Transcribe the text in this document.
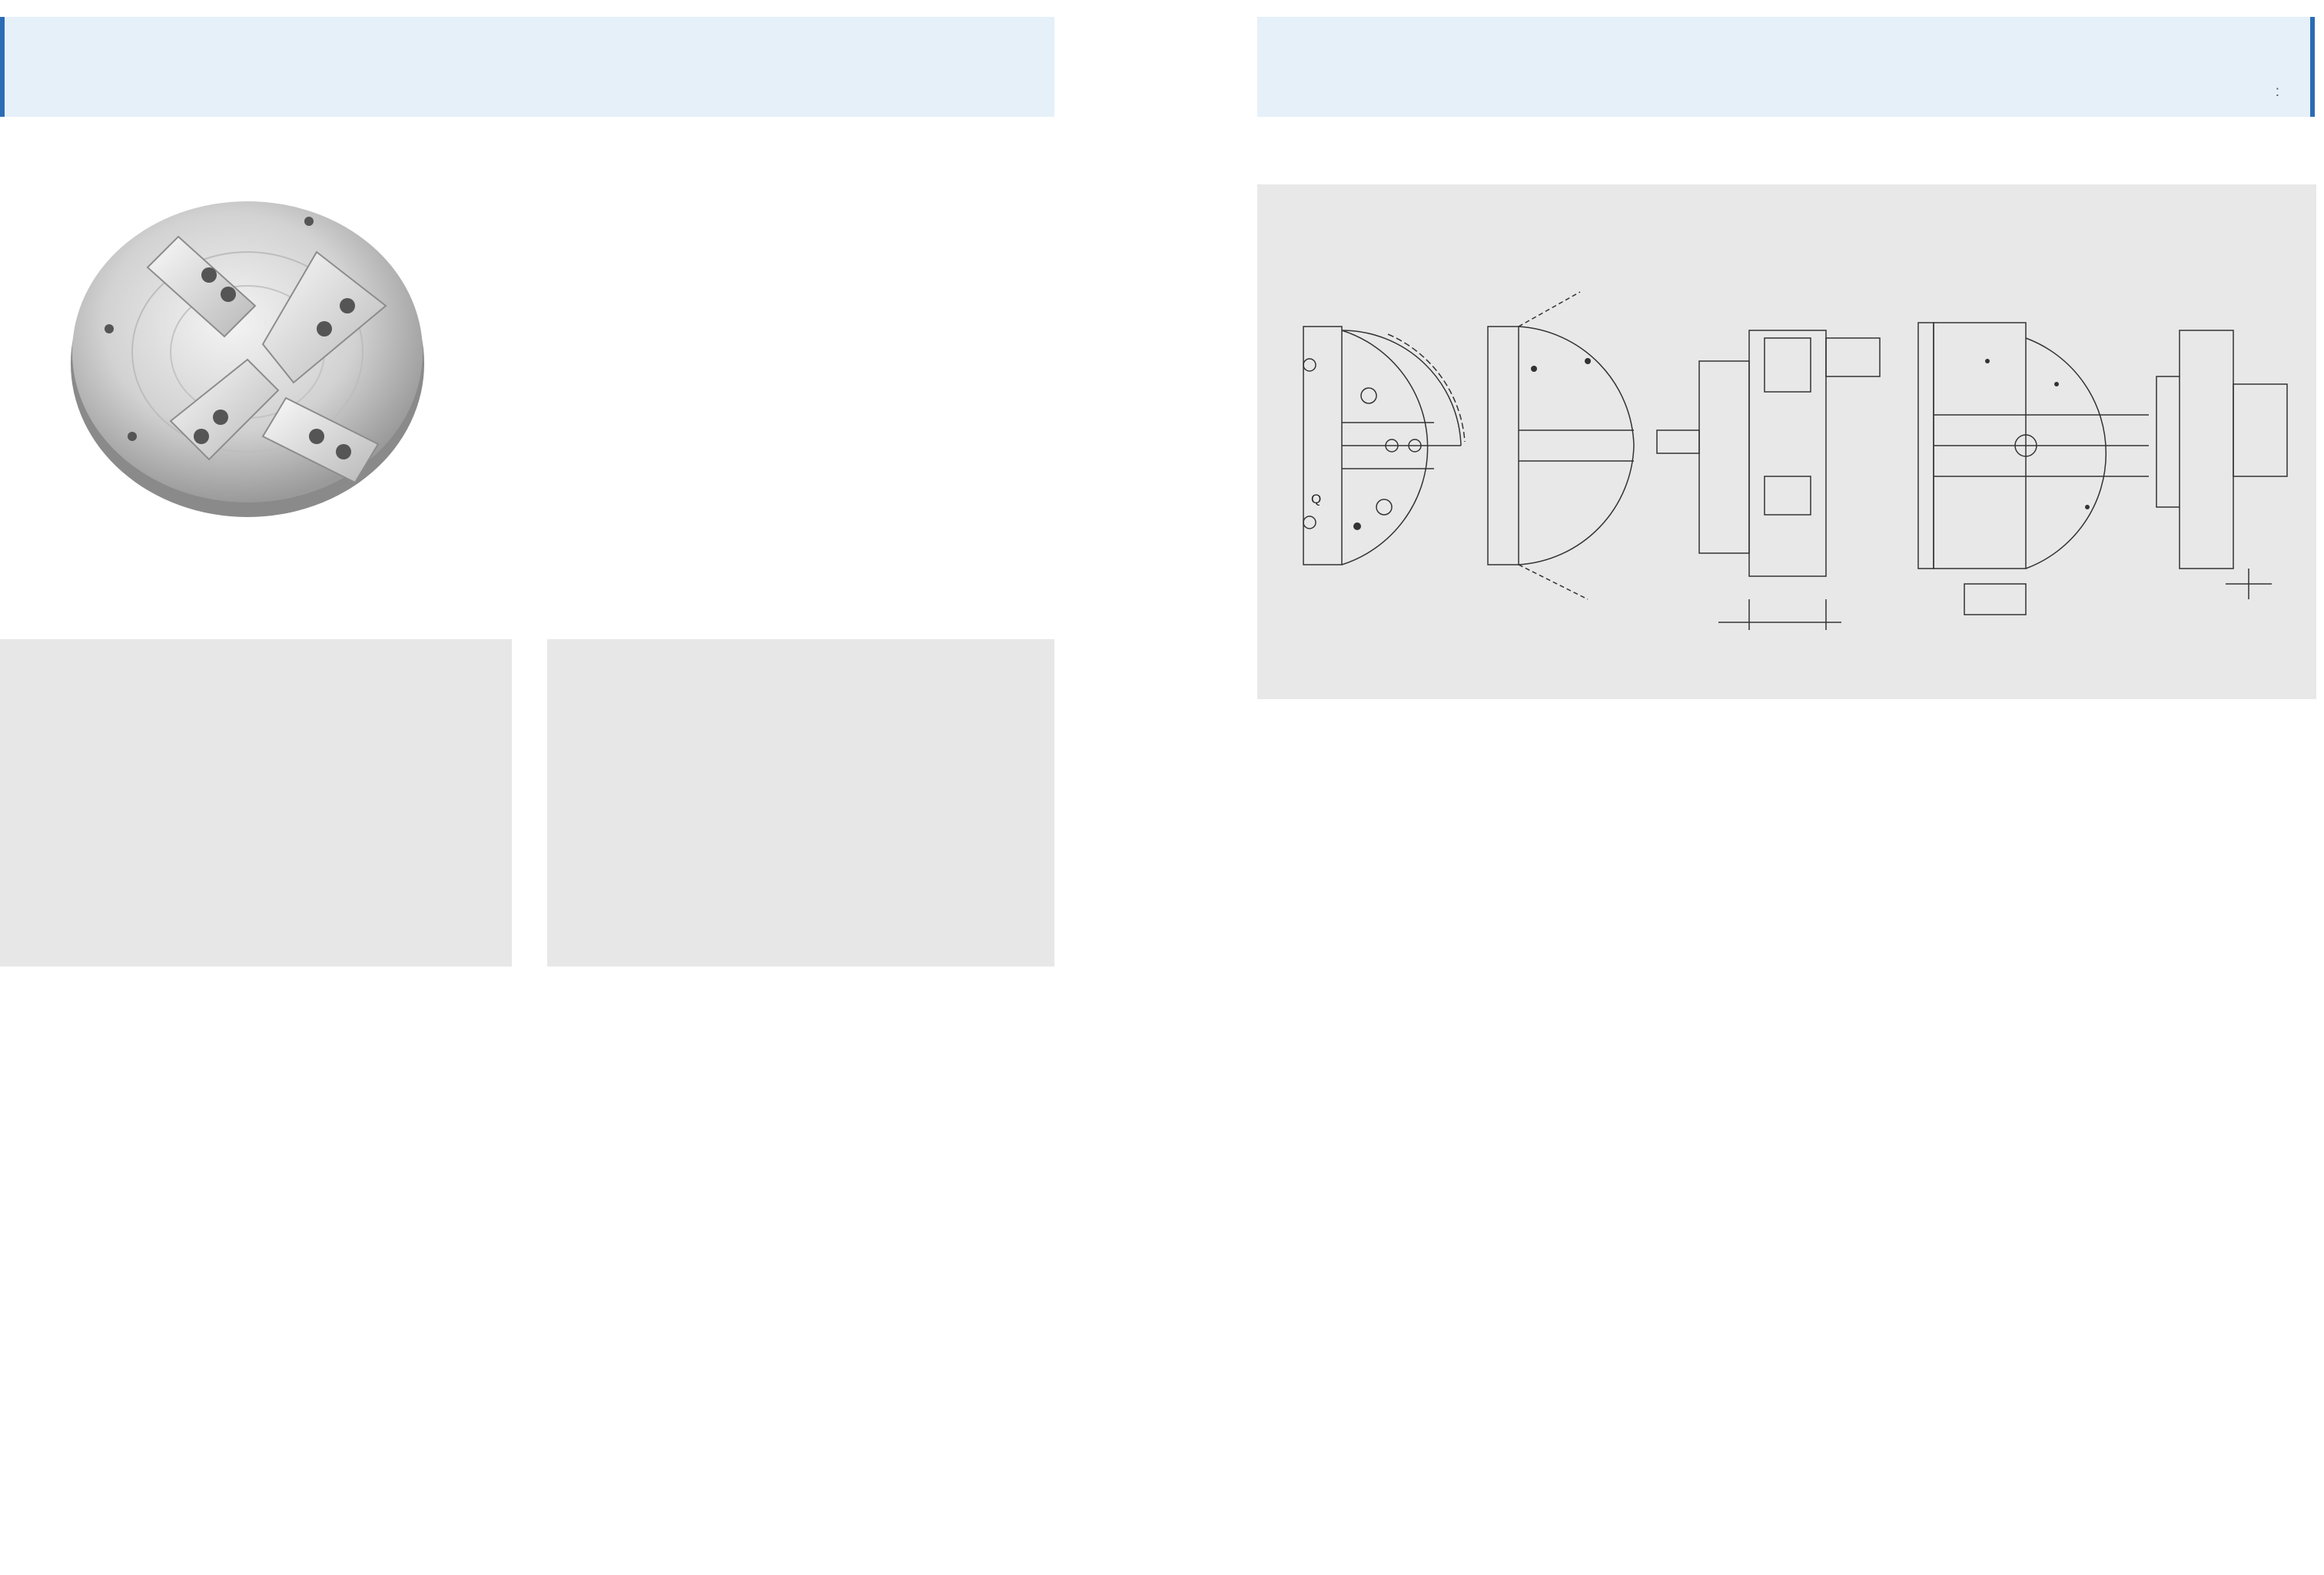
:
Q
